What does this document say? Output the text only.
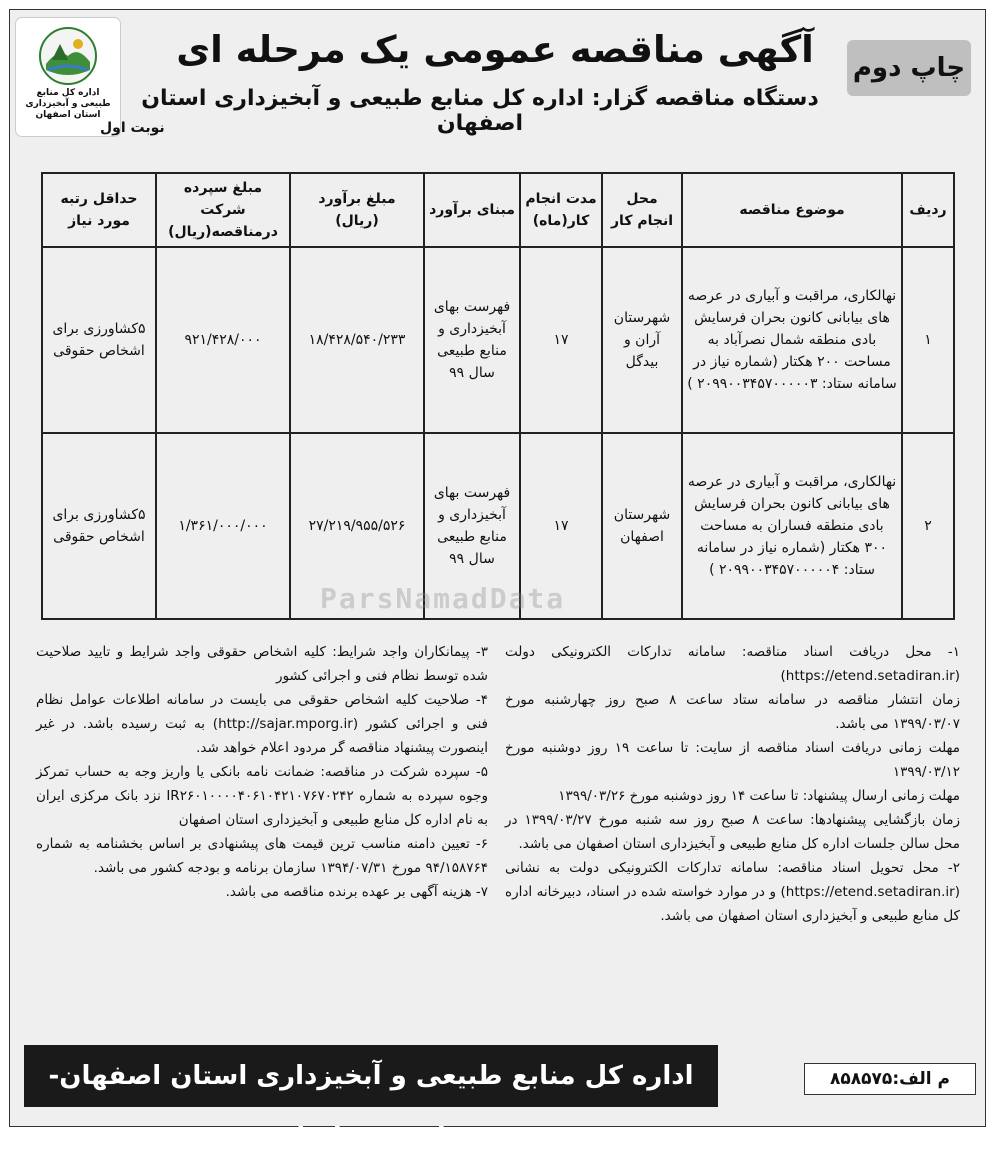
اداره کل منابع طبیعی و آبخیزداری استان اصفهان
نوبت اول
چاپ دوم
آگهی مناقصه عمومی یک مرحله ای
دستگاه مناقصه گزار: اداره کل منابع طبیعی و آبخیزداری استان اصفهان
ردیف	موضوع مناقصه	محل انجام کار	مدت انجام کار(ماه)	مبنای برآورد	مبلغ برآورد (ریال)	مبلغ سپرده شرکت درمناقصه(ریال)	حداقل رتبه مورد نیاز
۱	نهالکاری، مراقبت و آبیاری در عرصه های بیابانی کانون بحران فرسایش بادی منطقه شمال نصرآباد به مساحت ۲۰۰ هکتار (شماره نیاز در سامانه ستاد: ۲۰۹۹۰۰۳۴۵۷۰۰۰۰۰۳ )	شهرستان آران و بیدگل	۱۷	فهرست بهای آبخیزداری و منابع طبیعی سال ۹۹	۱۸/۴۲۸/۵۴۰/۲۳۳	۹۲۱/۴۲۸/۰۰۰	۵کشاورزی برای اشخاص حقوقی
۲	نهالکاری، مراقبت و آبیاری در عرصه های بیابانی کانون بحران فرسایش بادی منطقه فساران به مساحت ۳۰۰ هکتار (شماره نیاز در سامانه ستاد: ۲۰۹۹۰۰۳۴۵۷۰۰۰۰۰۴ )	شهرستان اصفهان	۱۷	فهرست بهای آبخیزداری و منابع طبیعی سال ۹۹	۲۷/۲۱۹/۹۵۵/۵۲۶	۱/۳۶۱/۰۰۰/۰۰۰	۵کشاورزی برای اشخاص حقوقی
ParsNamadData

۱- محل دریافت اسناد مناقصه: سامانه تدارکات الکترونیکی دولت (https://etend.setadiran.ir)

زمان انتشار مناقصه در سامانه ستاد ساعت ۸ صبح روز چهارشنبه مورخ ۱۳۹۹/۰۳/۰۷ می باشد.

مهلت زمانی دریافت اسناد مناقصه از سایت: تا ساعت ۱۹ روز دوشنبه مورخ ۱۳۹۹/۰۳/۱۲

مهلت زمانی ارسال پیشنهاد: تا ساعت ۱۴ روز دوشنبه مورخ ۱۳۹۹/۰۳/۲۶

زمان بازگشایی پیشنهادها: ساعت ۸ صبح روز سه شنبه مورخ ۱۳۹۹/۰۳/۲۷ در محل سالن جلسات اداره کل منابع طبیعی و آبخیزداری استان اصفهان می باشد.

۲- محل تحویل اسناد مناقصه: سامانه تدارکات الکترونیکی دولت به نشانی (https://etend.setadiran.ir) و در موارد خواسته شده در اسناد، دبیرخانه اداره کل منابع طبیعی و آبخیزداری استان اصفهان می باشد.

۳- پیمانکاران واجد شرایط: کلیه اشخاص حقوقی واجد شرایط و تایید صلاحیت شده توسط نظام فنی و اجرائی کشور

۴- صلاحیت کلیه اشخاص حقوقی می بایست در سامانه اطلاعات عوامل نظام فنی و اجرائی کشور (http://sajar.mporg.ir) به ثبت رسیده باشد. در غیر اینصورت پیشنهاد مناقصه گر مردود اعلام خواهد شد.

۵- سپرده شرکت در مناقصه: ضمانت نامه بانکی یا واریز وجه به حساب تمرکز وجوه سپرده به شماره IR۲۶۰۱۰۰۰۰۴۰۶۱۰۴۲۱۰۷۶۷۰۲۴۲ نزد بانک مرکزی ایران به نام اداره کل منابع طبیعی و آبخیزداری استان اصفهان

۶- تعیین دامنه مناسب ترین قیمت های پیشنهادی بر اساس بخشنامه به شماره ۹۴/۱۵۸۷۶۴ مورخ ۱۳۹۴/۰۷/۳۱ سازمان برنامه و بودجه کشور می باشد.

۷- هزینه آگهی بر عهده برنده مناقصه می باشد.

اداره کل منابع طبیعی و آبخیزداری استان اصفهان- امور پیمانها
م الف:۸۵۸۵۷۵
